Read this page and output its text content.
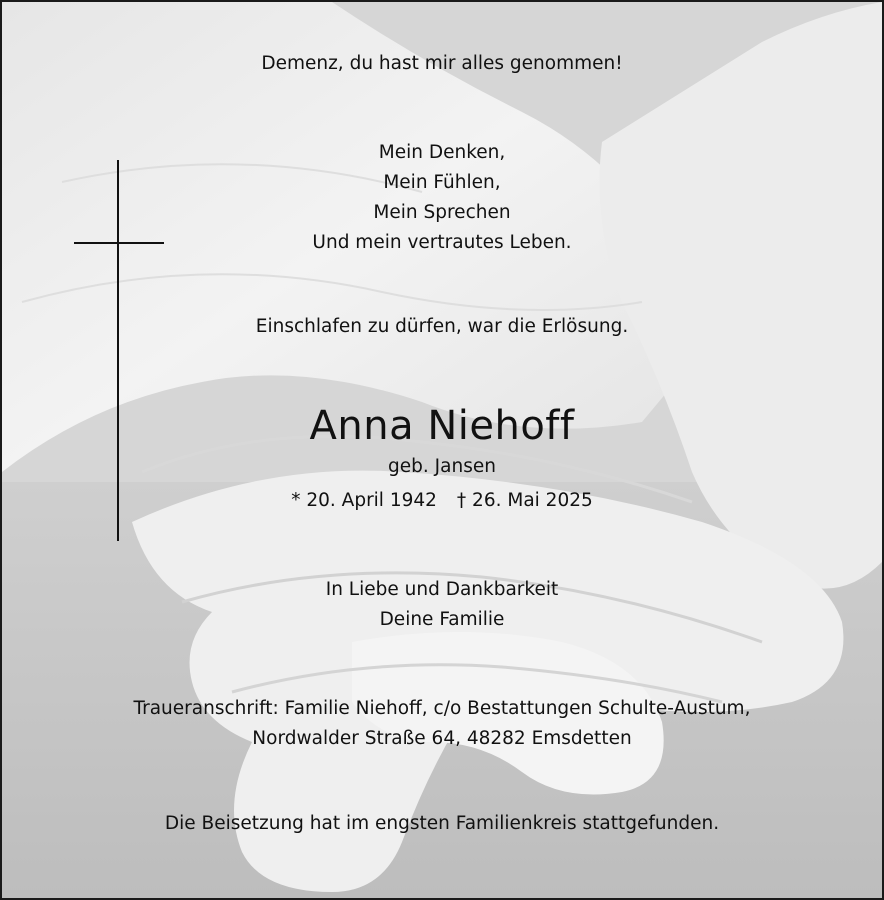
Demenz, du hast mir alles genommen!
Mein Denken,
Mein Fühlen,
Mein Sprechen
Und mein vertrautes Leben.
Einschlafen zu dürfen, war die Erlösung.
Anna Niehoff
geb. Jansen
* 20. April 1942 † 26. Mai 2025
In Liebe und Dankbarkeit
Deine Familie
Traueranschrift: Familie Niehoff, c/o Bestattungen Schulte-Austum,
Nordwalder Straße 64, 48282 Emsdetten
Die Beisetzung hat im engsten Familienkreis stattgefunden.
